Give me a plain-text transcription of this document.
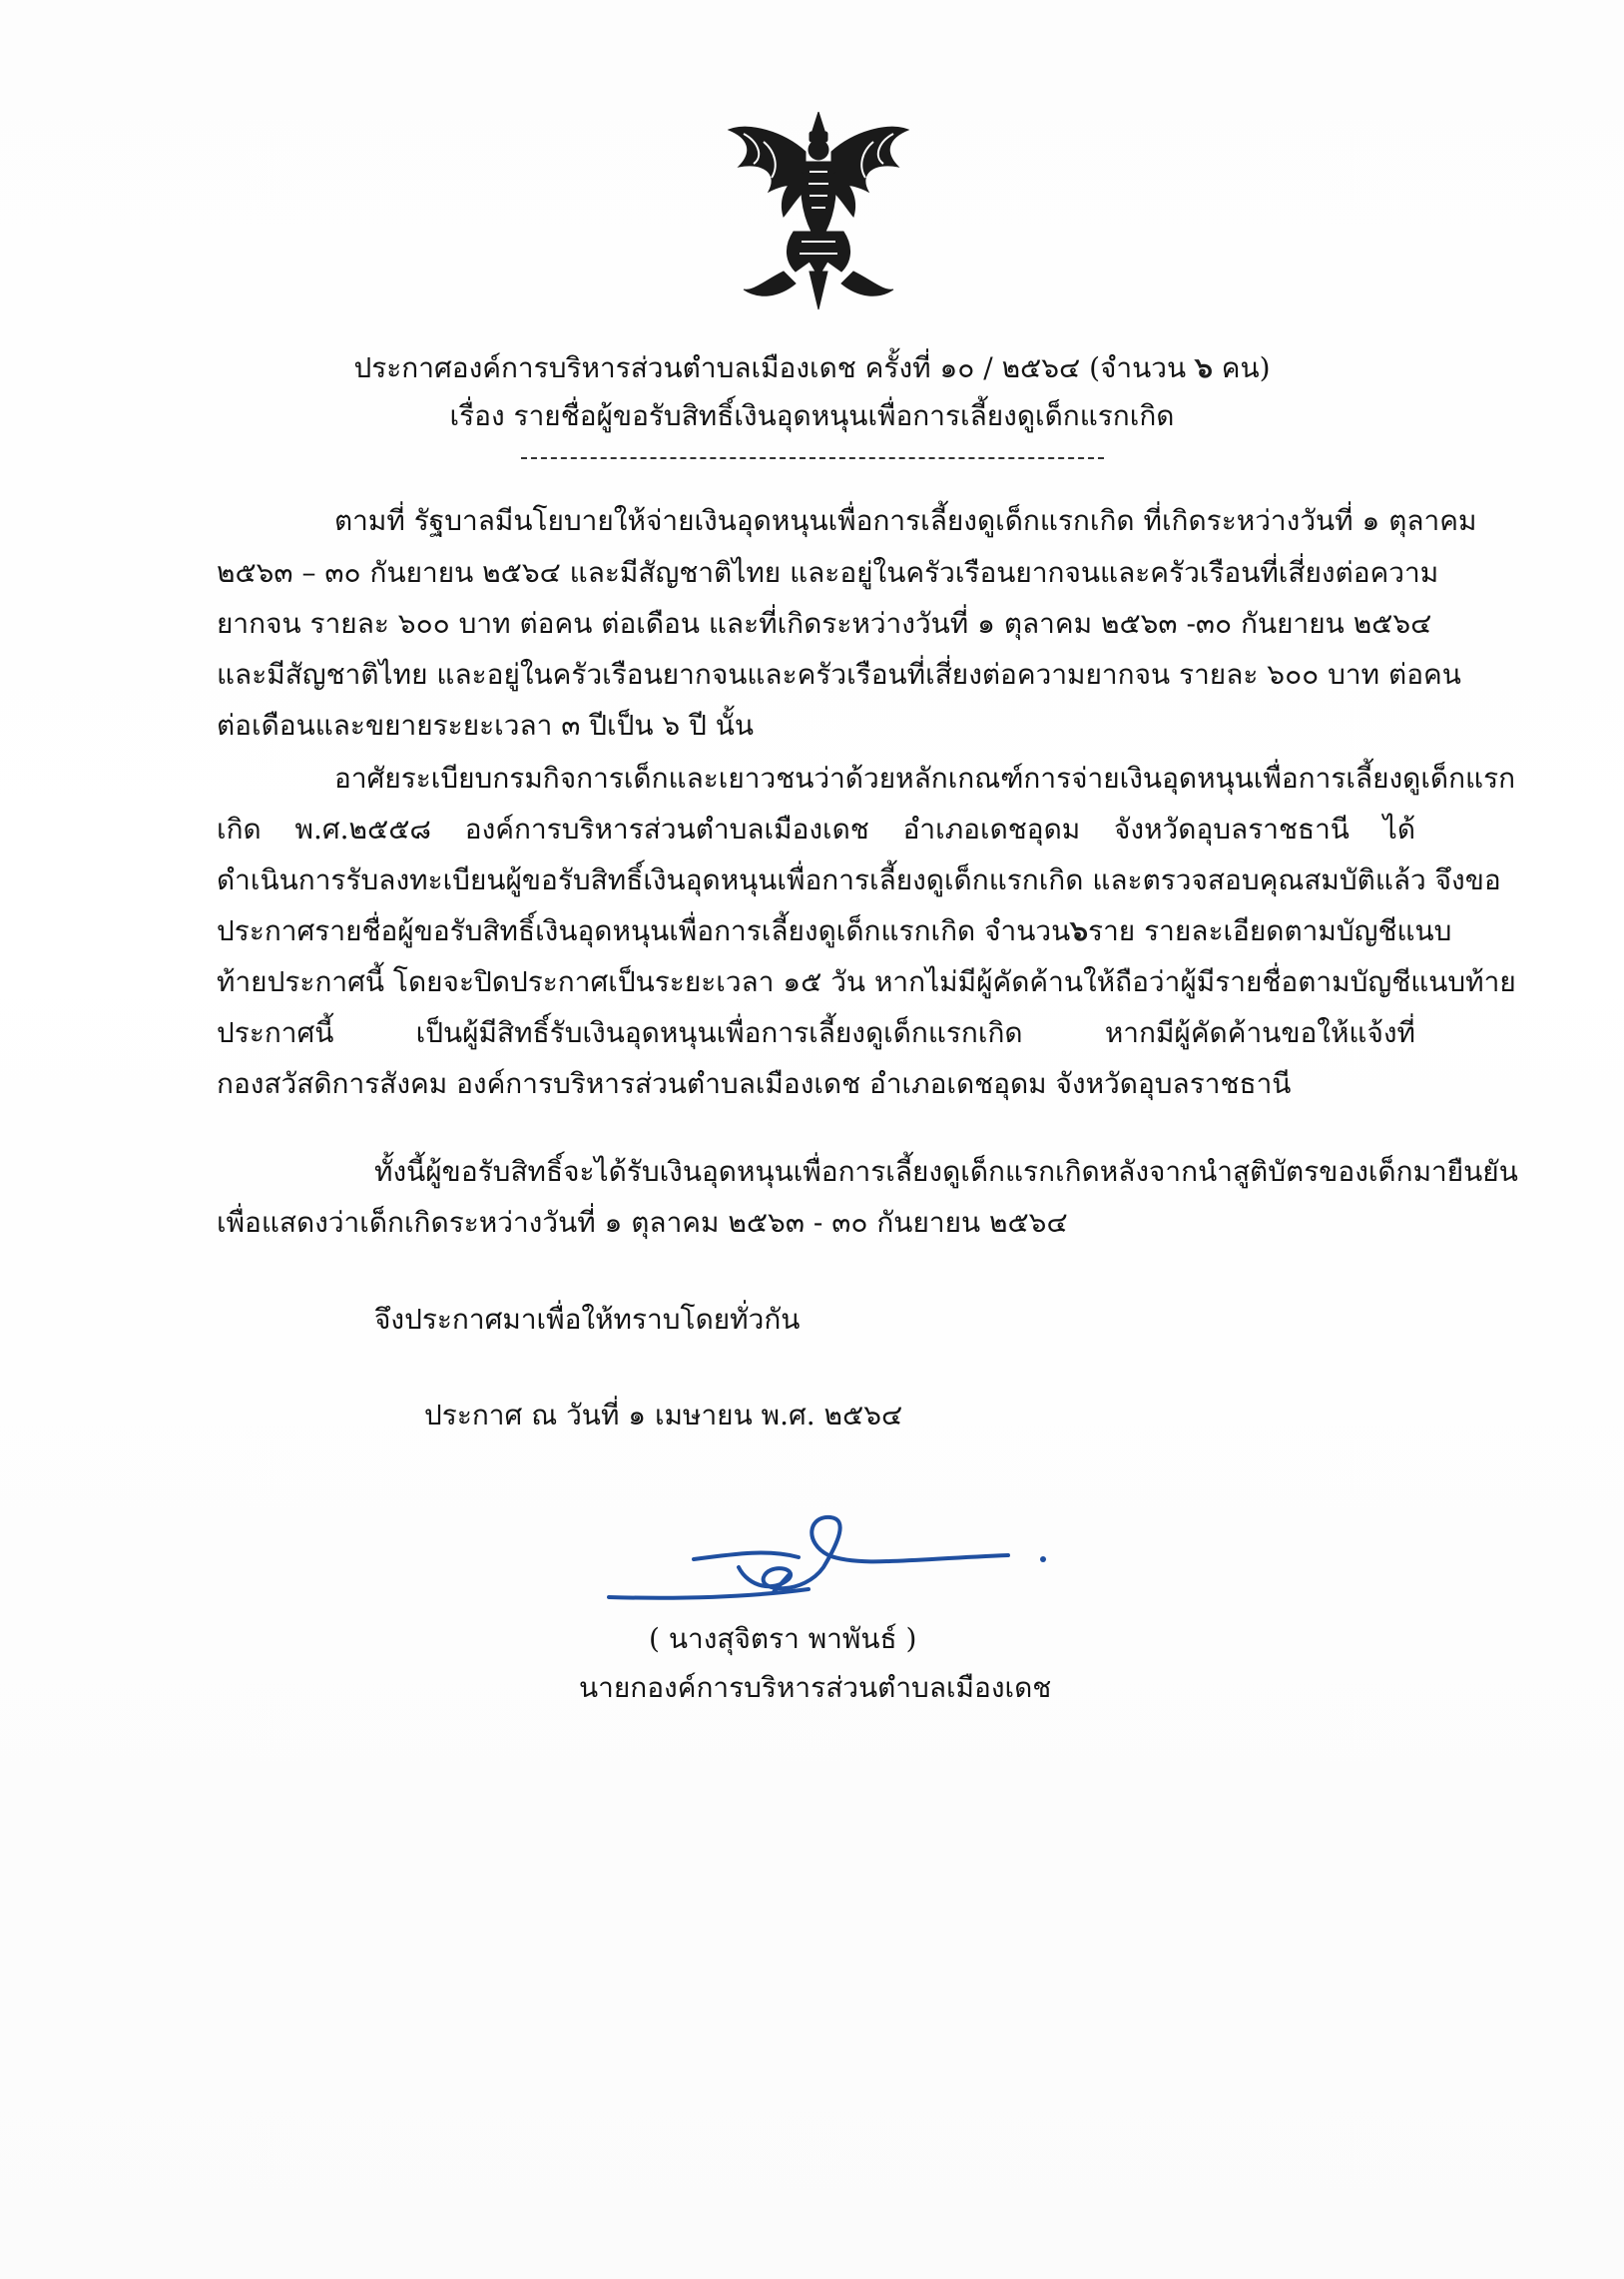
ประกาศองค์การบริหารส่วนตำบลเมืองเดช ครั้งที่ ๑๐ / ๒๕๖๔ (จำนวน ๖ คน)
เรื่อง รายชื่อผู้ขอรับสิทธิ์เงินอุดหนุนเพื่อการเลี้ยงดูเด็กแรกเกิด
ตามที่ รัฐบาลมีนโยบายให้จ่ายเงินอุดหนุนเพื่อการเลี้ยงดูเด็กแรกเกิด ที่เกิดระหว่างวันที่ ๑ ตุลาคม
๒๕๖๓ – ๓๐ กันยายน ๒๕๖๔ และมีสัญชาติไทย และอยู่ในครัวเรือนยากจนและครัวเรือนที่เสี่ยงต่อความ
ยากจน รายละ ๖๐๐ บาท ต่อคน ต่อเดือน และที่เกิดระหว่างวันที่ ๑ ตุลาคม ๒๕๖๓ -๓๐ กันยายน ๒๕๖๔
และมีสัญชาติไทย และอยู่ในครัวเรือนยากจนและครัวเรือนที่เสี่ยงต่อความยากจน รายละ ๖๐๐ บาท ต่อคน
ต่อเดือนและขยายระยะเวลา ๓ ปีเป็น ๖ ปี นั้น
อาศัยระเบียบกรมกิจการเด็กและเยาวชนว่าด้วยหลักเกณฑ์การจ่ายเงินอุดหนุนเพื่อการเลี้ยงดูเด็กแรก
เกิด พ.ศ.๒๕๕๘ องค์การบริหารส่วนตำบลเมืองเดช อำเภอเดชอุดม จังหวัดอุบลราชธานี ได้
ดำเนินการรับลงทะเบียนผู้ขอรับสิทธิ์เงินอุดหนุนเพื่อการเลี้ยงดูเด็กแรกเกิด และตรวจสอบคุณสมบัติแล้ว จึงขอ
ประกาศรายชื่อผู้ขอรับสิทธิ์เงินอุดหนุนเพื่อการเลี้ยงดูเด็กแรกเกิด จำนวน ๖ ราย รายละเอียดตามบัญชีแนบ
ท้ายประกาศนี้ โดยจะปิดประกาศเป็นระยะเวลา ๑๕ วัน หากไม่มีผู้คัดค้านให้ถือว่าผู้มีรายชื่อตามบัญชีแนบท้าย
ประกาศนี้ เป็นผู้มีสิทธิ์รับเงินอุดหนุนเพื่อการเลี้ยงดูเด็กแรกเกิด หากมีผู้คัดค้านขอให้แจ้งที่
กองสวัสดิการสังคม องค์การบริหารส่วนตำบลเมืองเดช อำเภอเดชอุดม จังหวัดอุบลราชธานี
ทั้งนี้ผู้ขอรับสิทธิ์จะได้รับเงินอุดหนุนเพื่อการเลี้ยงดูเด็กแรกเกิดหลังจากนำสูติบัตรของเด็กมายืนยัน
เพื่อแสดงว่าเด็กเกิดระหว่างวันที่ ๑ ตุลาคม ๒๕๖๓ - ๓๐ กันยายน ๒๕๖๔
จึงประกาศมาเพื่อให้ทราบโดยทั่วกัน
ประกาศ ณ วันที่ ๑ เมษายน พ.ศ. ๒๕๖๔
( นางสุจิตรา พาพันธ์ )
นายกองค์การบริหารส่วนตำบลเมืองเดช
